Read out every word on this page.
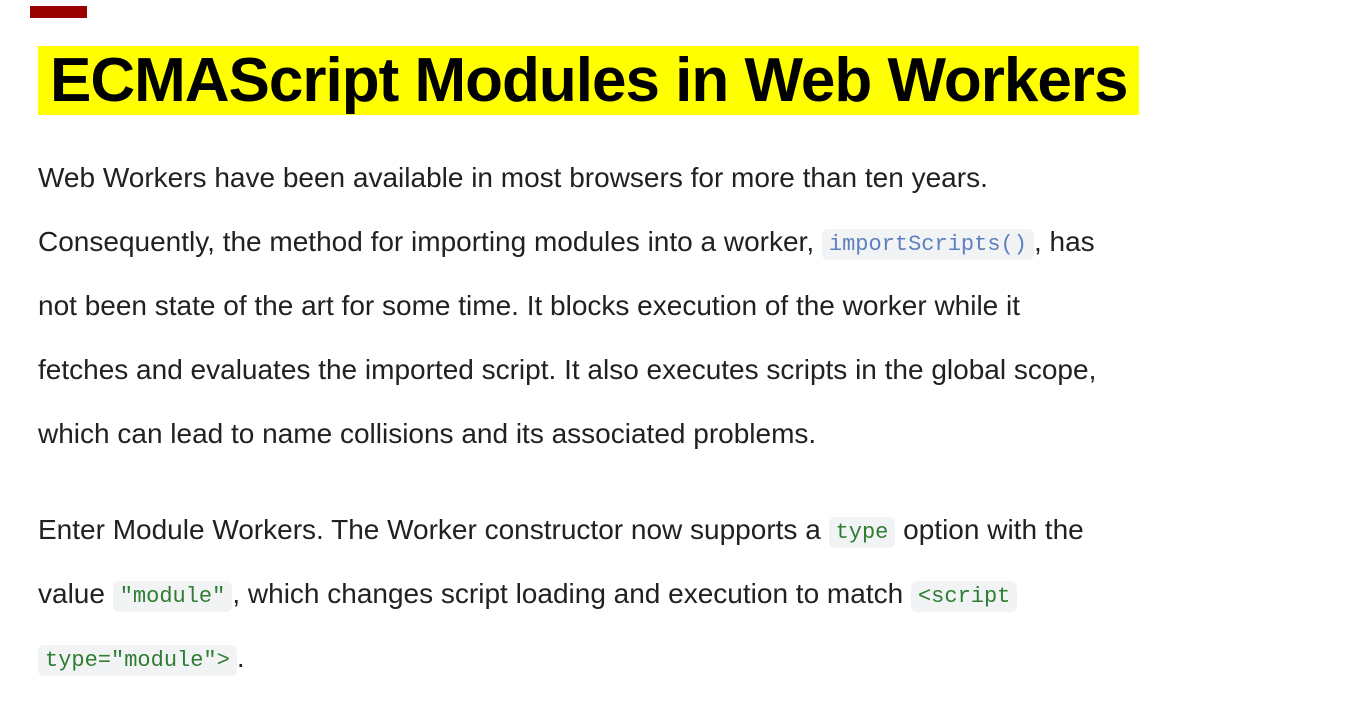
ECMAScript Modules in Web Workers

Web Workers have been available in most browsers for more than ten years.
Consequently, the method for importing modules into a worker, importScripts() , has
not been state of the art for some time. It blocks execution of the worker while it
fetches and evaluates the imported script. It also executes scripts in the global scope,
which can lead to name collisions and its associated problems.

Enter Module Workers. The Worker constructor now supports a type option with the
value "module" , which changes script loading and execution to match <script
type="module"> .
